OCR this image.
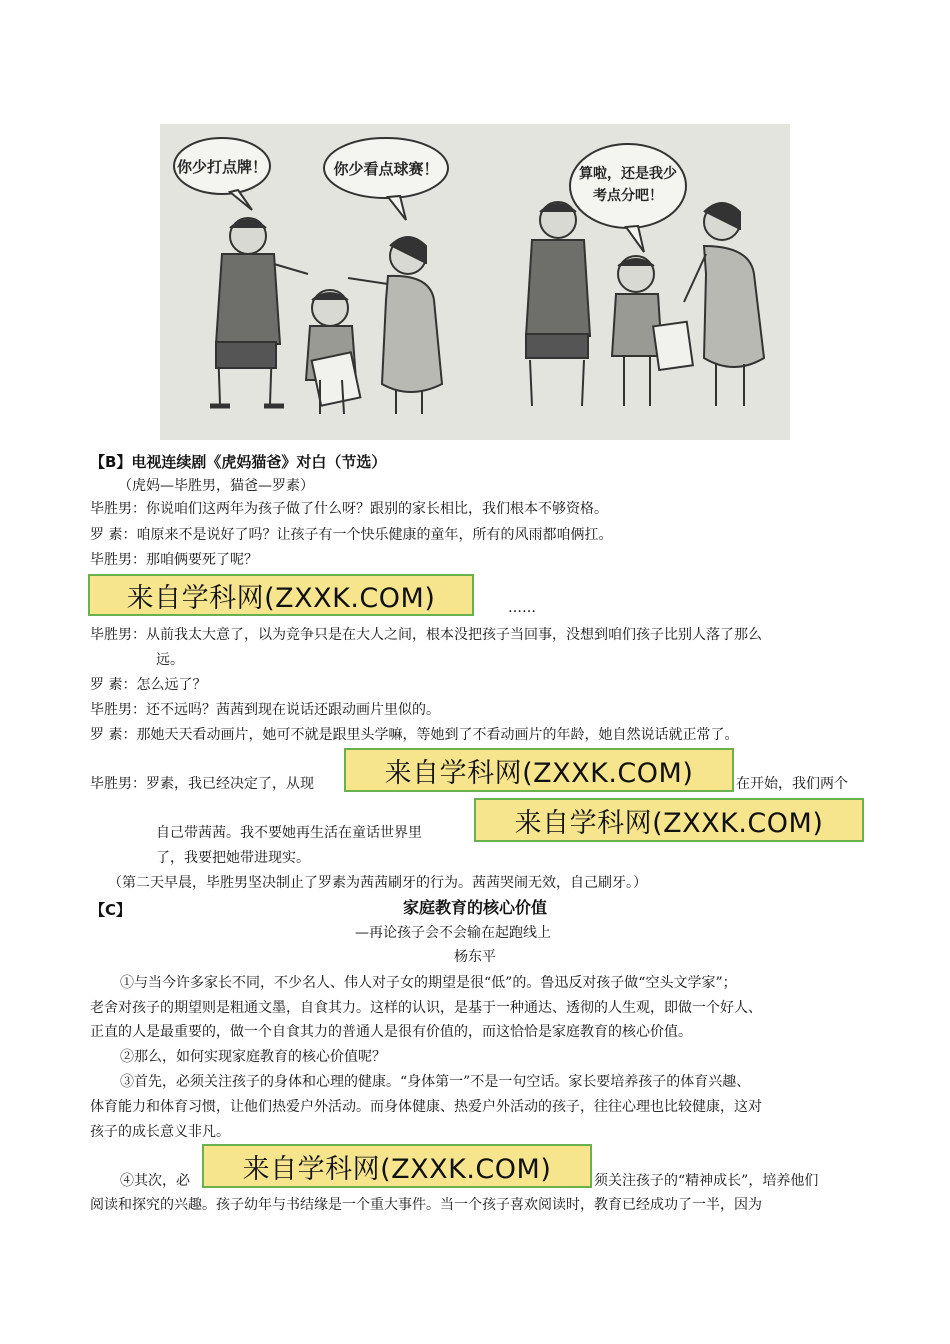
你少打点牌！	你少看点球赛！	算啦，还是我少
考点分吧！
【B】电视连续剧《虎妈猫爸》对白（节选）
（虎妈—毕胜男，猫爸—罗素）
毕胜男：你说咱们这两年为孩子做了什么呀？跟别的家长相比，我们根本不够资格。
罗 素：咱原来不是说好了吗？让孩子有一个快乐健康的童年，所有的风雨都咱俩扛。
毕胜男：那咱俩要死了呢？
来自学科网(ZXXK.COM)	……
毕胜男：从前我太大意了，以为竞争只是在大人之间，根本没把孩子当回事，没想到咱们孩子比别人落了那么
远。
罗 素：怎么远了？
毕胜男：还不远吗？茜茜到现在说话还跟动画片里似的。
罗 素：那她天天看动画片，她可不就是跟里头学嘛，等她到了不看动画片的年龄，她自然说话就正常了。
毕胜男：罗素，我已经决定了，从现	来自学科网(ZXXK.COM)	在开始，我们两个
自己带茜茜。我不要她再生活在童话世界里	来自学科网(ZXXK.COM)
了，我要把她带进现实。
（第二天早晨，毕胜男坚决制止了罗素为茜茜刷牙的行为。茜茜哭闹无效，自己刷牙。）
【C】	家庭教育的核心价值
—再论孩子会不会输在起跑线上
杨东平
①与当今许多家长不同，不少名人、伟人对子女的期望是很“低”的。鲁迅反对孩子做“空头文学家”；
老舍对孩子的期望则是粗通文墨，自食其力。这样的认识，是基于一种通达、透彻的人生观，即做一个好人、
正直的人是最重要的，做一个自食其力的普通人是很有价值的，而这恰恰是家庭教育的核心价值。
②那么，如何实现家庭教育的核心价值呢？
③首先，必须关注孩子的身体和心理的健康。“身体第一”不是一句空话。家长要培养孩子的体育兴趣、
体育能力和体育习惯，让他们热爱户外活动。而身体健康、热爱户外活动的孩子，往往心理也比较健康，这对
孩子的成长意义非凡。
④其次，必	来自学科网(ZXXK.COM)	须关注孩子的“精神成长”，培养他们
阅读和探究的兴趣。孩子幼年与书结缘是一个重大事件。当一个孩子喜欢阅读时，教育已经成功了一半，因为
